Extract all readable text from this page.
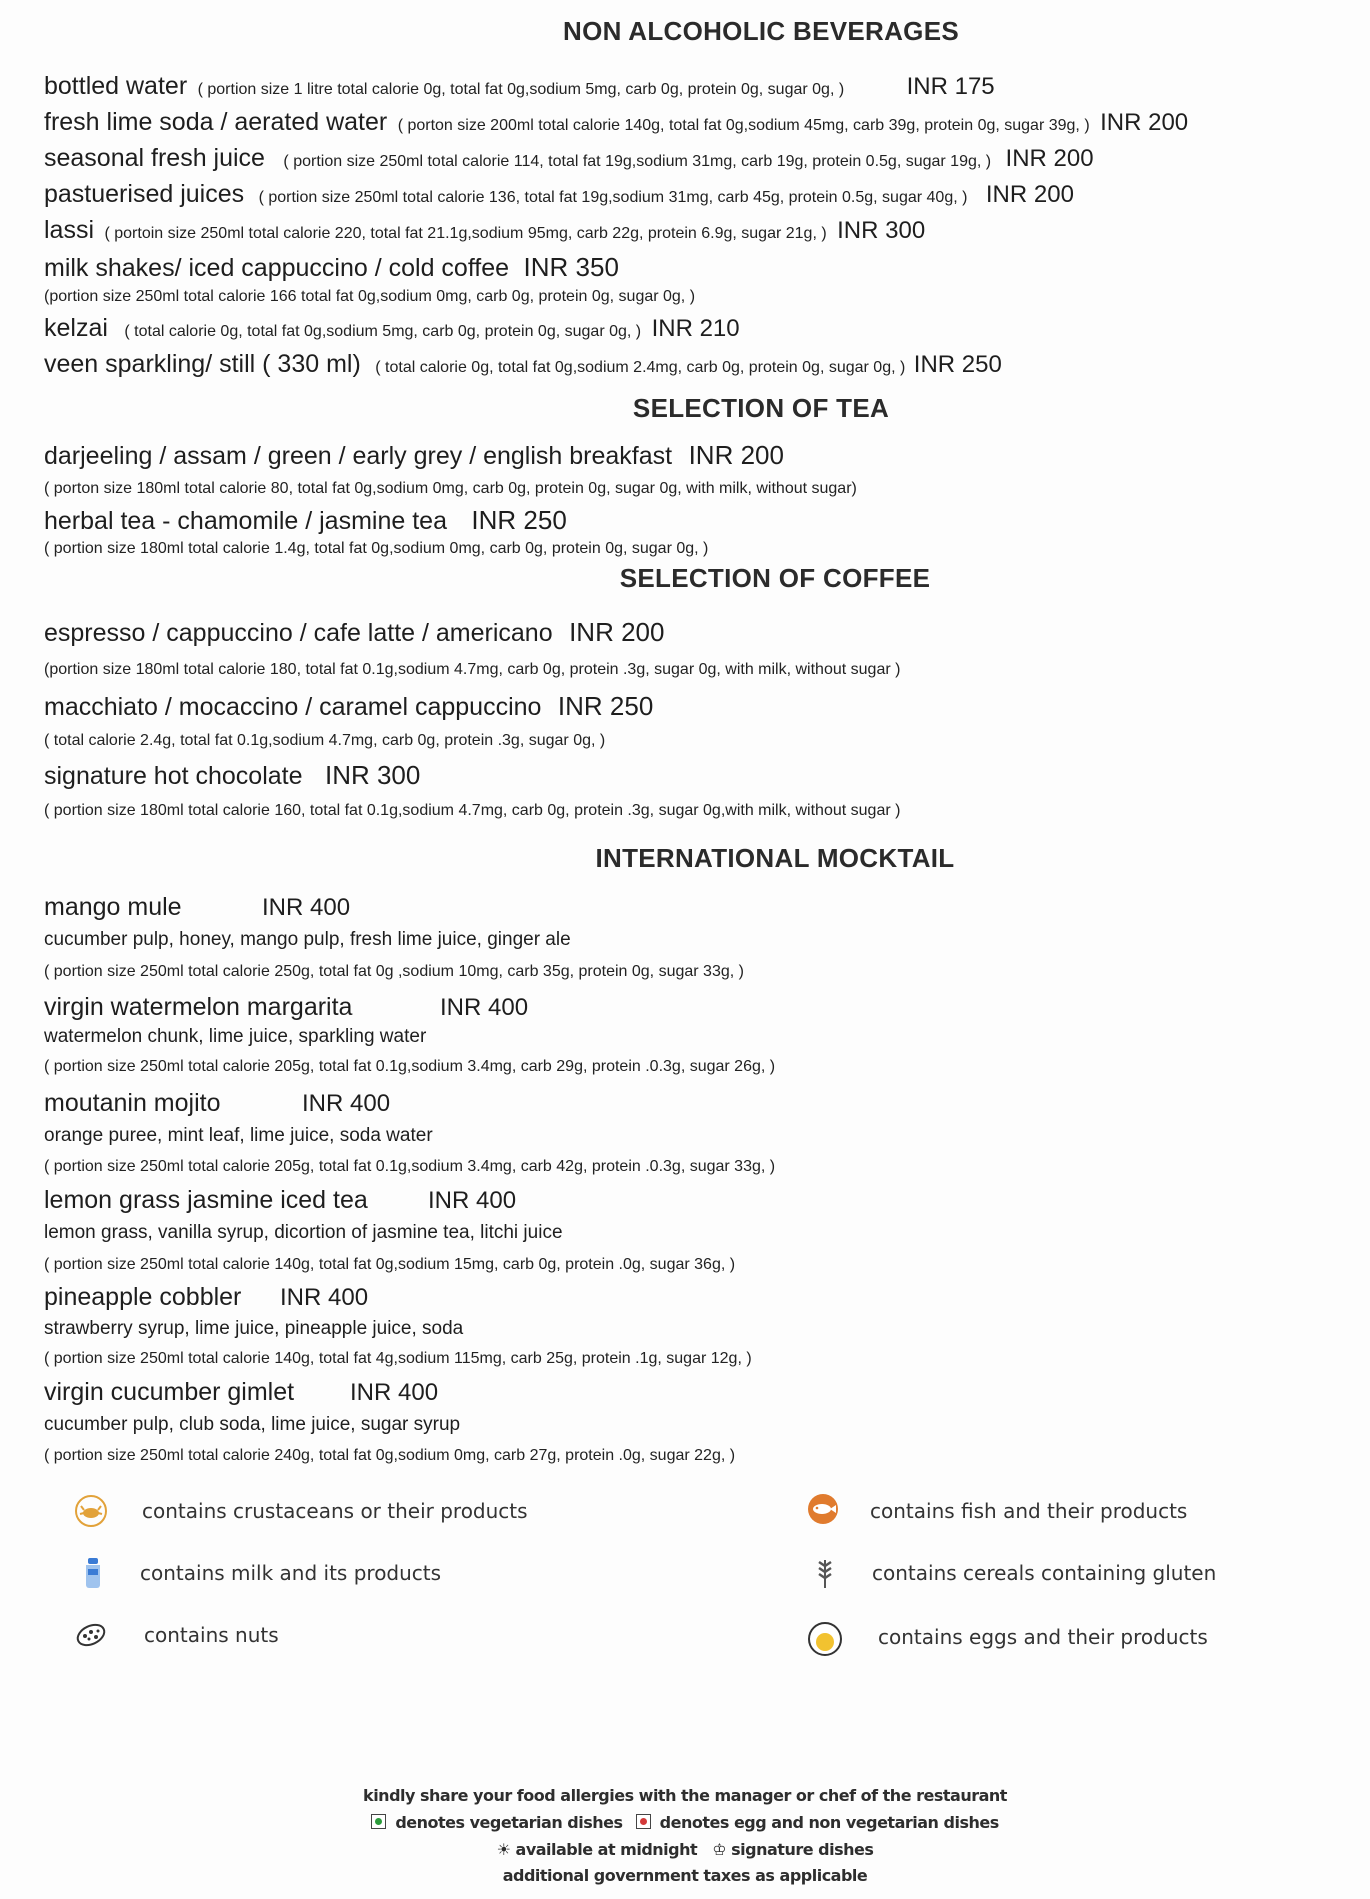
NON ALCOHOLIC BEVERAGES
SELECTION OF TEA
SELECTION OF COFFEE
INTERNATIONAL MOCKTAIL
bottled water ( portion size 1 litre total calorie 0g, total fat 0g,sodium 5mg, carb 0g, protein 0g, sugar 0g, )	INR 175
fresh lime soda / aerated water ( porton size 200ml total calorie 140g, total fat 0g,sodium 45mg, carb 39g, protein 0g, sugar 39g, ) INR 200
seasonal fresh juice ( portion size 250ml total calorie 114, total fat 19g,sodium 31mg, carb 19g, protein 0.5g, sugar 19g, ) INR 200
pastuerised juices ( portion size 250ml total calorie 136, total fat 19g,sodium 31mg, carb 45g, protein 0.5g, sugar 40g, ) INR 200
lassi ( portoin size 250ml total calorie 220, total fat 21.1g,sodium 95mg, carb 22g, protein 6.9g, sugar 21g, ) INR 300
milk shakes/ iced cappuccino / cold coffee INR 350
(portion size 250ml total calorie 166 total fat 0g,sodium 0mg, carb 0g, protein 0g, sugar 0g, )
kelzai ( total calorie 0g, total fat 0g,sodium 5mg, carb 0g, protein 0g, sugar 0g, ) INR 210
veen sparkling/ still ( 330 ml) ( total calorie 0g, total fat 0g,sodium 2.4mg, carb 0g, protein 0g, sugar 0g, ) INR 250
darjeeling / assam / green / early grey / english breakfast INR 200
( porton size 180ml total calorie 80, total fat 0g,sodium 0mg, carb 0g, protein 0g, sugar 0g, with milk, without sugar)
herbal tea - chamomile / jasmine tea INR 250
( portion size 180ml total calorie 1.4g, total fat 0g,sodium 0mg, carb 0g, protein 0g, sugar 0g, )
espresso / cappuccino / cafe latte / americano INR 200
(portion size 180ml total calorie 180, total fat 0.1g,sodium 4.7mg, carb 0g, protein .3g, sugar 0g, with milk, without sugar )
macchiato / mocaccino / caramel cappuccino INR 250
( total calorie 2.4g, total fat 0.1g,sodium 4.7mg, carb 0g, protein .3g, sugar 0g, )
signature hot chocolate INR 300
( portion size 180ml total calorie 160, total fat 0.1g,sodium 4.7mg, carb 0g, protein .3g, sugar 0g,with milk, without sugar )
mango mule	INR 400
cucumber pulp, honey, mango pulp, fresh lime juice, ginger ale
( portion size 250ml total calorie 250g, total fat 0g ,sodium 10mg, carb 35g, protein 0g, sugar 33g, )
virgin watermelon margarita	INR 400
watermelon chunk, lime juice, sparkling water
( portion size 250ml total calorie 205g, total fat 0.1g,sodium 3.4mg, carb 29g, protein .0.3g, sugar 26g, )
moutanin mojito	INR 400
orange puree, mint leaf, lime juice, soda water
( portion size 250ml total calorie 205g, total fat 0.1g,sodium 3.4mg, carb 42g, protein .0.3g, sugar 33g, )
lemon grass jasmine iced tea	INR 400
lemon grass, vanilla syrup, dicortion of jasmine tea, litchi juice
( portion size 250ml total calorie 140g, total fat 0g,sodium 15mg, carb 0g, protein .0g, sugar 36g, )
pineapple cobbler INR 400
strawberry syrup, lime juice, pineapple juice, soda
( portion size 250ml total calorie 140g, total fat 4g,sodium 115mg, carb 25g, protein .1g, sugar 12g, )
virgin cucumber gimlet INR 400
cucumber pulp, club soda, lime juice, sugar syrup
( portion size 250ml total calorie 240g, total fat 0g,sodium 0mg, carb 27g, protein .0g, sugar 22g, )
contains crustaceans or their products	contains fish and their products
contains milk and its products	contains cereals containing gluten
contains nuts	contains eggs and their products
kindly share your food allergies with the manager or chef of the restaurant
denotes vegetarian dishes denotes egg and non vegetarian dishes
☀ available at midnight ♔ signature dishes
additional government taxes as applicable
